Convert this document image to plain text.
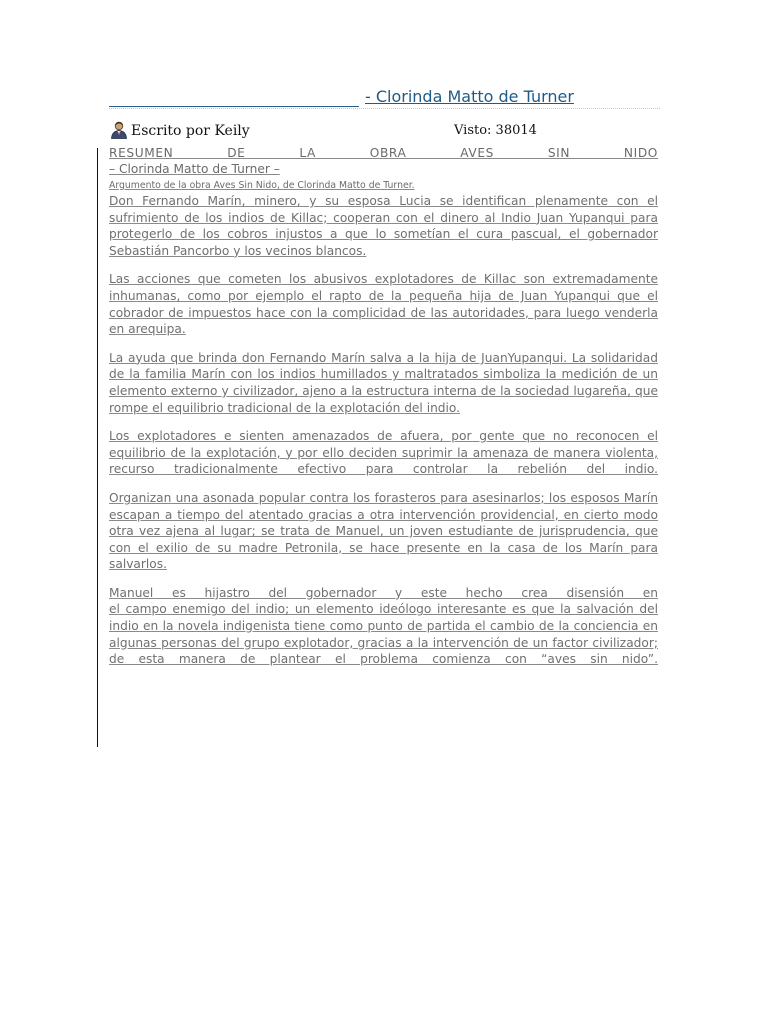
- Clorinda Matto de Turner
Escrito por Keily	Visto: 38014

RESUMEN DE LA OBRA AVES SIN NIDO

– Clorinda Matto de Turner –

Argumento de la obra Aves Sin Nido, de Clorinda Matto de Turner.

Don Fernando Marín, minero, y su esposa Lucia se identifican plenamente con el sufrimiento de los indios de Killac; cooperan con el dinero al Indio Juan Yupanqui para protegerlo de los cobros injustos a que lo sometían el cura pascual, el gobernador Sebastián Pancorbo y los vecinos blancos.

Las acciones que cometen los abusivos explotadores de Killac son extremadamente inhumanas, como por ejemplo el rapto de la pequeña hija de Juan Yupanqui que el cobrador de impuestos hace con la complicidad de las autoridades, para luego venderla en arequipa.

La ayuda que brinda don Fernando Marín salva a la hija de JuanYupanqui. La solidaridad de la familia Marín con los indios humillados y maltratados simboliza la medición de un elemento externo y civilizador, ajeno a la estructura interna de la sociedad lugareña, que rompe el equilibrio tradicional de la explotación del indio.

Los explotadores e sienten amenazados de afuera, por gente que no reconocen el equilibrio de la explotación, y por ello deciden suprimir la amenaza de manera violenta, recurso tradicionalmente efectivo para controlar la rebelión del indio.

Organizan una asonada popular contra los forasteros para asesinarlos; los esposos Marín escapan a tiempo del atentado gracias a otra intervención providencial, en cierto modo otra vez ajena al lugar; se trata de Manuel, un joven estudiante de jurisprudencia, que con el exilio de su madre Petronila, se hace presente en la casa de los Marín para salvarlos.

Manuel es hijastro del gobernador y este hecho crea disensión en
el campo enemigo del indio; un elemento ideólogo interesante es que la salvación del indio en la novela indigenista tiene como punto de partida el cambio de la conciencia en algunas personas del grupo explotador, gracias a la intervención de un factor civilizador; de esta manera de plantear el problema comienza con “aves sin nido”.
